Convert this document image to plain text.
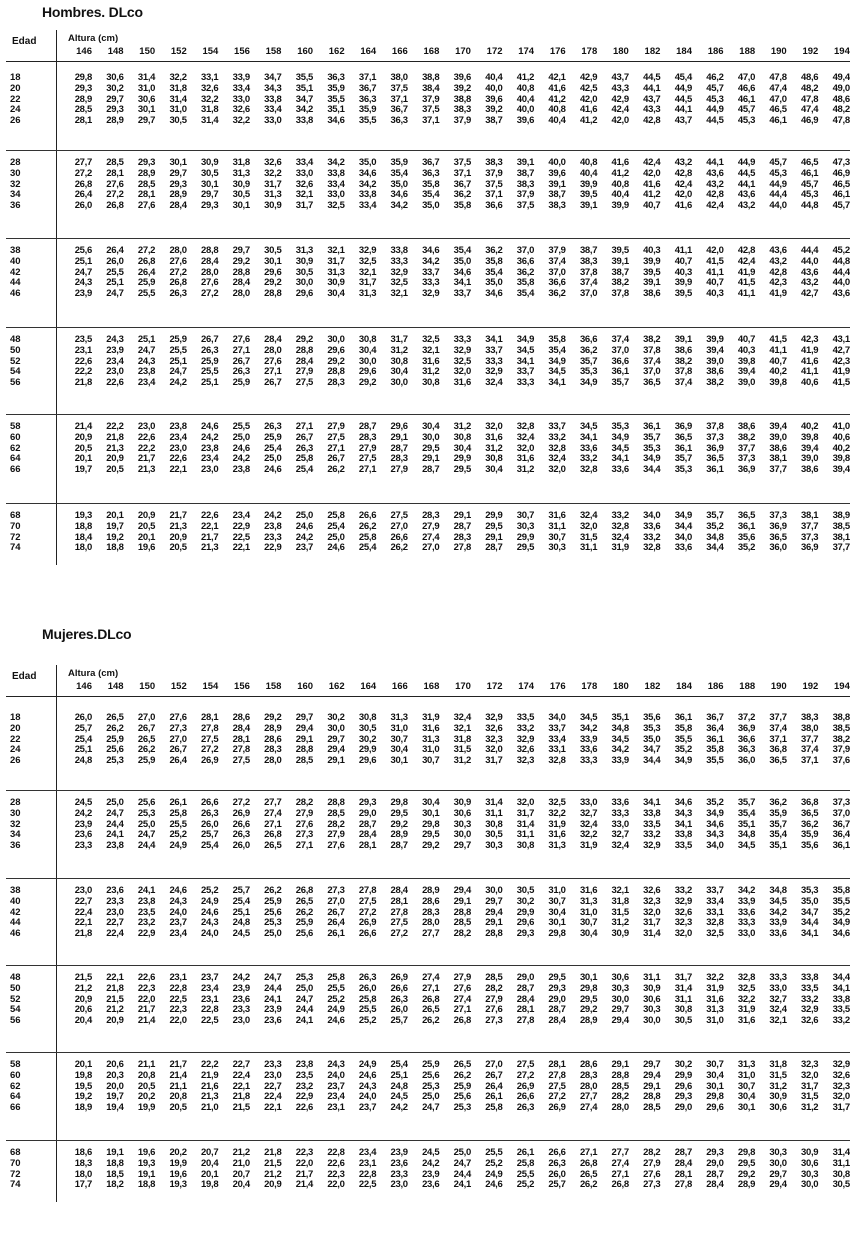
Hombres. DLco
Edad	Altura (cm)
146	148	150	152	154	156	158	160	162	164	166	168	170	172	174	176	178	180	182	184	186	188	190	192	194
18	29,8	30,6	31,4	32,2	33,1	33,9	34,7	35,5	36,3	37,1	38,0	38,8	39,6	40,4	41,2	42,1	42,9	43,7	44,5	45,4	46,2	47,0	47,8	48,6	49,4
20	29,3	30,2	31,0	31,8	32,6	33,4	34,3	35,1	35,9	36,7	37,5	38,4	39,2	40,0	40,8	41,6	42,5	43,3	44,1	44,9	45,7	46,6	47,4	48,2	49,0
22	28,9	29,7	30,6	31,4	32,2	33,0	33,8	34,7	35,5	36,3	37,1	37,9	38,8	39,6	40,4	41,2	42,0	42,9	43,7	44,5	45,3	46,1	47,0	47,8	48,6
24	28,5	29,3	30,1	31,0	31,8	32,6	33,4	34,2	35,1	35,9	36,7	37,5	38,3	39,2	40,0	40,8	41,6	42,4	43,3	44,1	44,9	45,7	46,5	47,4	48,2
26	28,1	28,9	29,7	30,5	31,4	32,2	33,0	33,8	34,6	35,5	36,3	37,1	37,9	38,7	39,6	40,4	41,2	42,0	42,8	43,7	44,5	45,3	46,1	46,9	47,8
28	27,7	28,5	29,3	30,1	30,9	31,8	32,6	33,4	34,2	35,0	35,9	36,7	37,5	38,3	39,1	40,0	40,8	41,6	42,4	43,2	44,1	44,9	45,7	46,5	47,3
30	27,2	28,1	28,9	29,7	30,5	31,3	32,2	33,0	33,8	34,6	35,4	36,3	37,1	37,9	38,7	39,6	40,4	41,2	42,0	42,8	43,6	44,5	45,3	46,1	46,9
32	26,8	27,6	28,5	29,3	30,1	30,9	31,7	32,6	33,4	34,2	35,0	35,8	36,7	37,5	38,3	39,1	39,9	40,8	41,6	42,4	43,2	44,1	44,9	45,7	46,5
34	26,4	27,2	28,1	28,9	29,7	30,5	31,3	32,1	33,0	33,8	34,6	35,4	36,2	37,1	37,9	38,7	39,5	40,4	41,2	42,0	42,8	43,6	44,4	45,3	46,1
36	26,0	26,8	27,6	28,4	29,3	30,1	30,9	31,7	32,5	33,4	34,2	35,0	35,8	36,6	37,5	38,3	39,1	39,9	40,7	41,6	42,4	43,2	44,0	44,8	45,7
38	25,6	26,4	27,2	28,0	28,8	29,7	30,5	31,3	32,1	32,9	33,8	34,6	35,4	36,2	37,0	37,9	38,7	39,5	40,3	41,1	42,0	42,8	43,6	44,4	45,2
40	25,1	26,0	26,8	27,6	28,4	29,2	30,1	30,9	31,7	32,5	33,3	34,2	35,0	35,8	36,6	37,4	38,3	39,1	39,9	40,7	41,5	42,4	43,2	44,0	44,8
42	24,7	25,5	26,4	27,2	28,0	28,8	29,6	30,5	31,3	32,1	32,9	33,7	34,6	35,4	36,2	37,0	37,8	38,7	39,5	40,3	41,1	41,9	42,8	43,6	44,4
44	24,3	25,1	25,9	26,8	27,6	28,4	29,2	30,0	30,9	31,7	32,5	33,3	34,1	35,0	35,8	36,6	37,4	38,2	39,1	39,9	40,7	41,5	42,3	43,2	44,0
46	23,9	24,7	25,5	26,3	27,2	28,0	28,8	29,6	30,4	31,3	32,1	32,9	33,7	34,6	35,4	36,2	37,0	37,8	38,6	39,5	40,3	41,1	41,9	42,7	43,6
48	23,5	24,3	25,1	25,9	26,7	27,6	28,4	29,2	30,0	30,8	31,7	32,5	33,3	34,1	34,9	35,8	36,6	37,4	38,2	39,1	39,9	40,7	41,5	42,3	43,1
50	23,1	23,9	24,7	25,5	26,3	27,1	28,0	28,8	29,6	30,4	31,2	32,1	32,9	33,7	34,5	35,4	36,2	37,0	37,8	38,6	39,4	40,3	41,1	41,9	42,7
52	22,6	23,4	24,3	25,1	25,9	26,7	27,6	28,4	29,2	30,0	30,8	31,6	32,5	33,3	34,1	34,9	35,7	36,6	37,4	38,2	39,0	39,8	40,7	41,6	42,3
54	22,2	23,0	23,8	24,7	25,5	26,3	27,1	27,9	28,8	29,6	30,4	31,2	32,0	32,9	33,7	34,5	35,3	36,1	37,0	37,8	38,6	39,4	40,2	41,1	41,9
56	21,8	22,6	23,4	24,2	25,1	25,9	26,7	27,5	28,3	29,2	30,0	30,8	31,6	32,4	33,3	34,1	34,9	35,7	36,5	37,4	38,2	39,0	39,8	40,6	41,5
58	21,4	22,2	23,0	23,8	24,6	25,5	26,3	27,1	27,9	28,7	29,6	30,4	31,2	32,0	32,8	33,7	34,5	35,3	36,1	36,9	37,8	38,6	39,4	40,2	41,0
60	20,9	21,8	22,6	23,4	24,2	25,0	25,9	26,7	27,5	28,3	29,1	30,0	30,8	31,6	32,4	33,2	34,1	34,9	35,7	36,5	37,3	38,2	39,0	39,8	40,6
62	20,5	21,3	22,2	23,0	23,8	24,6	25,4	26,3	27,1	27,9	28,7	29,5	30,4	31,2	32,0	32,8	33,6	34,5	35,3	36,1	36,9	37,7	38,6	39,4	40,2
64	20,1	20,9	21,7	22,6	23,4	24,2	25,0	25,8	26,7	27,5	28,3	29,1	29,9	30,8	31,6	32,4	33,2	34,1	34,9	35,7	36,5	37,3	38,1	39,0	39,8
66	19,7	20,5	21,3	22,1	23,0	23,8	24,6	25,4	26,2	27,1	27,9	28,7	29,5	30,4	31,2	32,0	32,8	33,6	34,4	35,3	36,1	36,9	37,7	38,6	39,4
68	19,3	20,1	20,9	21,7	22,6	23,4	24,2	25,0	25,8	26,6	27,5	28,3	29,1	29,9	30,7	31,6	32,4	33,2	34,0	34,9	35,7	36,5	37,3	38,1	38,9
70	18,8	19,7	20,5	21,3	22,1	22,9	23,8	24,6	25,4	26,2	27,0	27,9	28,7	29,5	30,3	31,1	32,0	32,8	33,6	34,4	35,2	36,1	36,9	37,7	38,5
72	18,4	19,2	20,1	20,9	21,7	22,5	23,3	24,2	25,0	25,8	26,6	27,4	28,3	29,1	29,9	30,7	31,5	32,4	33,2	34,0	34,8	35,6	36,5	37,3	38,1
74	18,0	18,8	19,6	20,5	21,3	22,1	22,9	23,7	24,6	25,4	26,2	27,0	27,8	28,7	29,5	30,3	31,1	31,9	32,8	33,6	34,4	35,2	36,0	36,9	37,7
Mujeres.DLco
Edad	Altura (cm)
146	148	150	152	154	156	158	160	162	164	166	168	170	172	174	176	178	180	182	184	186	188	190	192	194
18	26,0	26,5	27,0	27,6	28,1	28,6	29,2	29,7	30,2	30,8	31,3	31,9	32,4	32,9	33,5	34,0	34,5	35,1	35,6	36,1	36,7	37,2	37,7	38,3	38,8
20	25,7	26,2	26,7	27,3	27,8	28,4	28,9	29,4	30,0	30,5	31,0	31,6	32,1	32,6	33,2	33,7	34,2	34,8	35,3	35,8	36,4	36,9	37,4	38,0	38,5
22	25,4	25,9	26,5	27,0	27,5	28,1	28,6	29,1	29,7	30,2	30,7	31,3	31,8	32,3	32,9	33,4	33,9	34,5	35,0	35,5	36,1	36,6	37,1	37,7	38,2
24	25,1	25,6	26,2	26,7	27,2	27,8	28,3	28,8	29,4	29,9	30,4	31,0	31,5	32,0	32,6	33,1	33,6	34,2	34,7	35,2	35,8	36,3	36,8	37,4	37,9
26	24,8	25,3	25,9	26,4	26,9	27,5	28,0	28,5	29,1	29,6	30,1	30,7	31,2	31,7	32,3	32,8	33,3	33,9	34,4	34,9	35,5	36,0	36,5	37,1	37,6
28	24,5	25,0	25,6	26,1	26,6	27,2	27,7	28,2	28,8	29,3	29,8	30,4	30,9	31,4	32,0	32,5	33,0	33,6	34,1	34,6	35,2	35,7	36,2	36,8	37,3
30	24,2	24,7	25,3	25,8	26,3	26,9	27,4	27,9	28,5	29,0	29,5	30,1	30,6	31,1	31,7	32,2	32,7	33,3	33,8	34,3	34,9	35,4	35,9	36,5	37,0
32	23,9	24,4	25,0	25,5	26,0	26,6	27,1	27,6	28,2	28,7	29,2	29,8	30,3	30,8	31,4	31,9	32,4	33,0	33,5	34,1	34,6	35,1	35,7	36,2	36,7
34	23,6	24,1	24,7	25,2	25,7	26,3	26,8	27,3	27,9	28,4	28,9	29,5	30,0	30,5	31,1	31,6	32,2	32,7	33,2	33,8	34,3	34,8	35,4	35,9	36,4
36	23,3	23,8	24,4	24,9	25,4	26,0	26,5	27,1	27,6	28,1	28,7	29,2	29,7	30,3	30,8	31,3	31,9	32,4	32,9	33,5	34,0	34,5	35,1	35,6	36,1
38	23,0	23,6	24,1	24,6	25,2	25,7	26,2	26,8	27,3	27,8	28,4	28,9	29,4	30,0	30,5	31,0	31,6	32,1	32,6	33,2	33,7	34,2	34,8	35,3	35,8
40	22,7	23,3	23,8	24,3	24,9	25,4	25,9	26,5	27,0	27,5	28,1	28,6	29,1	29,7	30,2	30,7	31,3	31,8	32,3	32,9	33,4	33,9	34,5	35,0	35,5
42	22,4	23,0	23,5	24,0	24,6	25,1	25,6	26,2	26,7	27,2	27,8	28,3	28,8	29,4	29,9	30,4	31,0	31,5	32,0	32,6	33,1	33,6	34,2	34,7	35,2
44	22,1	22,7	23,2	23,7	24,3	24,8	25,3	25,9	26,4	26,9	27,5	28,0	28,5	29,1	29,6	30,1	30,7	31,2	31,7	32,3	32,8	33,3	33,9	34,4	34,9
46	21,8	22,4	22,9	23,4	24,0	24,5	25,0	25,6	26,1	26,6	27,2	27,7	28,2	28,8	29,3	29,8	30,4	30,9	31,4	32,0	32,5	33,0	33,6	34,1	34,6
48	21,5	22,1	22,6	23,1	23,7	24,2	24,7	25,3	25,8	26,3	26,9	27,4	27,9	28,5	29,0	29,5	30,1	30,6	31,1	31,7	32,2	32,8	33,3	33,8	34,4
50	21,2	21,8	22,3	22,8	23,4	23,9	24,4	25,0	25,5	26,0	26,6	27,1	27,6	28,2	28,7	29,3	29,8	30,3	30,9	31,4	31,9	32,5	33,0	33,5	34,1
52	20,9	21,5	22,0	22,5	23,1	23,6	24,1	24,7	25,2	25,8	26,3	26,8	27,4	27,9	28,4	29,0	29,5	30,0	30,6	31,1	31,6	32,2	32,7	33,2	33,8
54	20,6	21,2	21,7	22,3	22,8	23,3	23,9	24,4	24,9	25,5	26,0	26,5	27,1	27,6	28,1	28,7	29,2	29,7	30,3	30,8	31,3	31,9	32,4	32,9	33,5
56	20,4	20,9	21,4	22,0	22,5	23,0	23,6	24,1	24,6	25,2	25,7	26,2	26,8	27,3	27,8	28,4	28,9	29,4	30,0	30,5	31,0	31,6	32,1	32,6	33,2
58	20,1	20,6	21,1	21,7	22,2	22,7	23,3	23,8	24,3	24,9	25,4	25,9	26,5	27,0	27,5	28,1	28,6	29,1	29,7	30,2	30,7	31,3	31,8	32,3	32,9
60	19,8	20,3	20,8	21,4	21,9	22,4	23,0	23,5	24,0	24,6	25,1	25,6	26,2	26,7	27,2	27,8	28,3	28,8	29,4	29,9	30,4	31,0	31,5	32,0	32,6
62	19,5	20,0	20,5	21,1	21,6	22,1	22,7	23,2	23,7	24,3	24,8	25,3	25,9	26,4	26,9	27,5	28,0	28,5	29,1	29,6	30,1	30,7	31,2	31,7	32,3
64	19,2	19,7	20,2	20,8	21,3	21,8	22,4	22,9	23,4	24,0	24,5	25,0	25,6	26,1	26,6	27,2	27,7	28,2	28,8	29,3	29,8	30,4	30,9	31,5	32,0
66	18,9	19,4	19,9	20,5	21,0	21,5	22,1	22,6	23,1	23,7	24,2	24,7	25,3	25,8	26,3	26,9	27,4	28,0	28,5	29,0	29,6	30,1	30,6	31,2	31,7
68	18,6	19,1	19,6	20,2	20,7	21,2	21,8	22,3	22,8	23,4	23,9	24,5	25,0	25,5	26,1	26,6	27,1	27,7	28,2	28,7	29,3	29,8	30,3	30,9	31,4
70	18,3	18,8	19,3	19,9	20,4	21,0	21,5	22,0	22,6	23,1	23,6	24,2	24,7	25,2	25,8	26,3	26,8	27,4	27,9	28,4	29,0	29,5	30,0	30,6	31,1
72	18,0	18,5	19,1	19,6	20,1	20,7	21,2	21,7	22,3	22,8	23,3	23,9	24,4	24,9	25,5	26,0	26,5	27,1	27,6	28,1	28,7	29,2	29,7	30,3	30,8
74	17,7	18,2	18,8	19,3	19,8	20,4	20,9	21,4	22,0	22,5	23,0	23,6	24,1	24,6	25,2	25,7	26,2	26,8	27,3	27,8	28,4	28,9	29,4	30,0	30,5
